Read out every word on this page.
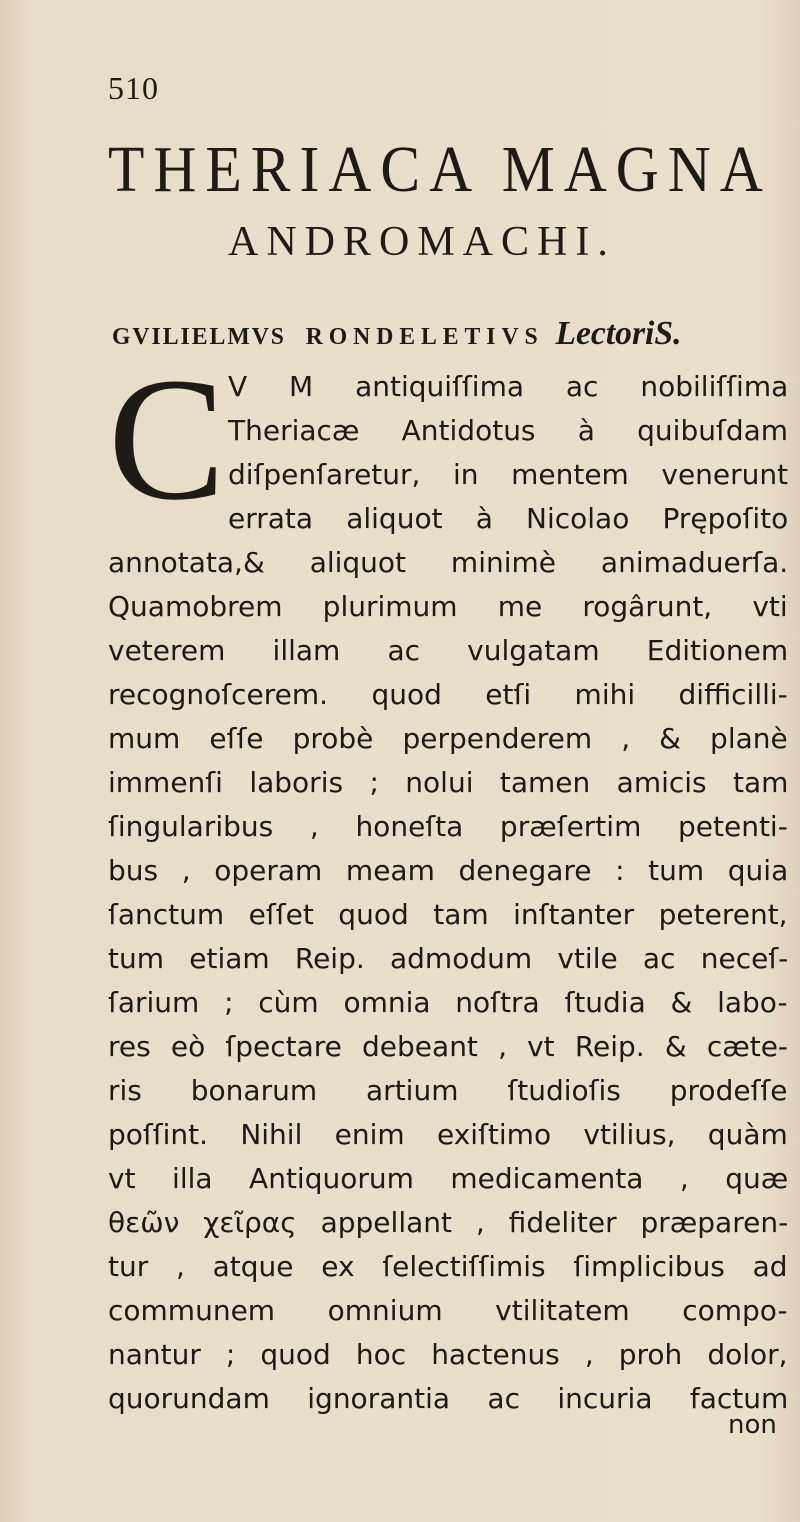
510
THERIACA MAGNA
ANDROMACHI.
GVILIELMVS RONDELETIVS LectoriS.
C V M antiquiſſima ac nobiliſſima
Theriacæ Antidotus à quibuſdam
diſpenſaretur, in mentem venerunt
errata aliquot à Nicolao Prępoſito
annotata,& aliquot minimè animaduerſa.
Quamobrem plurimum me rogârunt, vti
veterem illam ac vulgatam Editionem
recognoſcerem. quod etſi mihi difficilli-
mum eſſe probè perpenderem , & planè
immenſi laboris ; nolui tamen amicis tam
ſingularibus , honeſta præſertim petenti-
bus , operam meam denegare : tum quia
ſanctum eſſet quod tam inſtanter peterent,
tum etiam Reip. admodum vtile ac neceſ-
ſarium ; cùm omnia noſtra ſtudia & labo-
res eò ſpectare debeant , vt Reip. & cæte-
ris bonarum artium ſtudioſis prodeſſe
poſſint. Nihil enim exiſtimo vtilius, quàm
vt illa Antiquorum medicamenta , quæ
θεῶν χεῖρας appellant , fideliter præparen-
tur , atque ex ſelectiſſimis ſimplicibus ad
communem omnium vtilitatem compo-
nantur ; quod hoc hactenus , proh dolor,
quorundam ignorantia ac incuria factum
non
